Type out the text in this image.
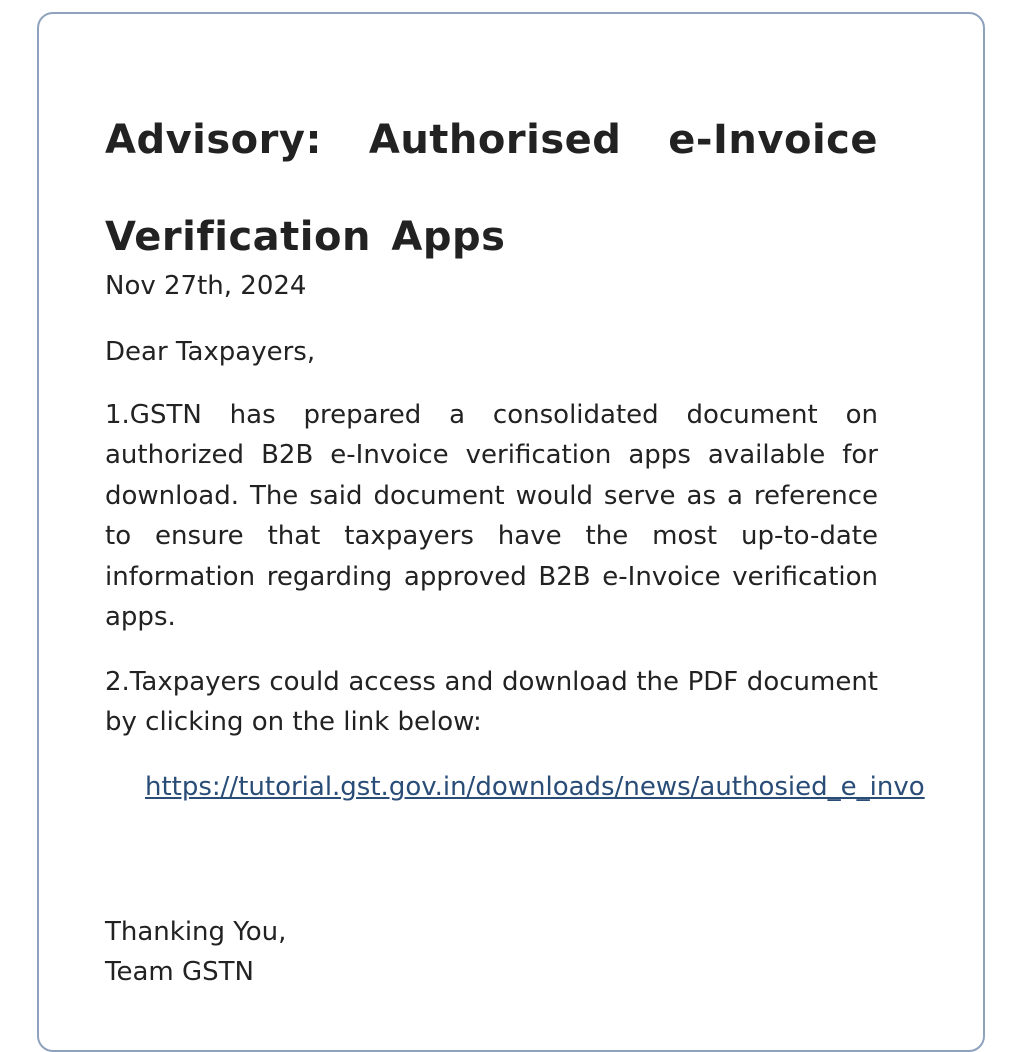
Advisory: Authorised e-Invoice Verification Apps
Nov 27th, 2024
Dear Taxpayers,
1.GSTN has prepared a consolidated document on authorized B2B e-Invoice verification apps available for download. The said document would serve as a reference to ensure that taxpayers have the most up-to-date information regarding approved B2B e-Invoice verification apps.
2.Taxpayers could access and download the PDF document by clicking on the link below:
https://tutorial.gst.gov.in/downloads/news/authosied_e_invo
Thanking You,
Team GSTN
